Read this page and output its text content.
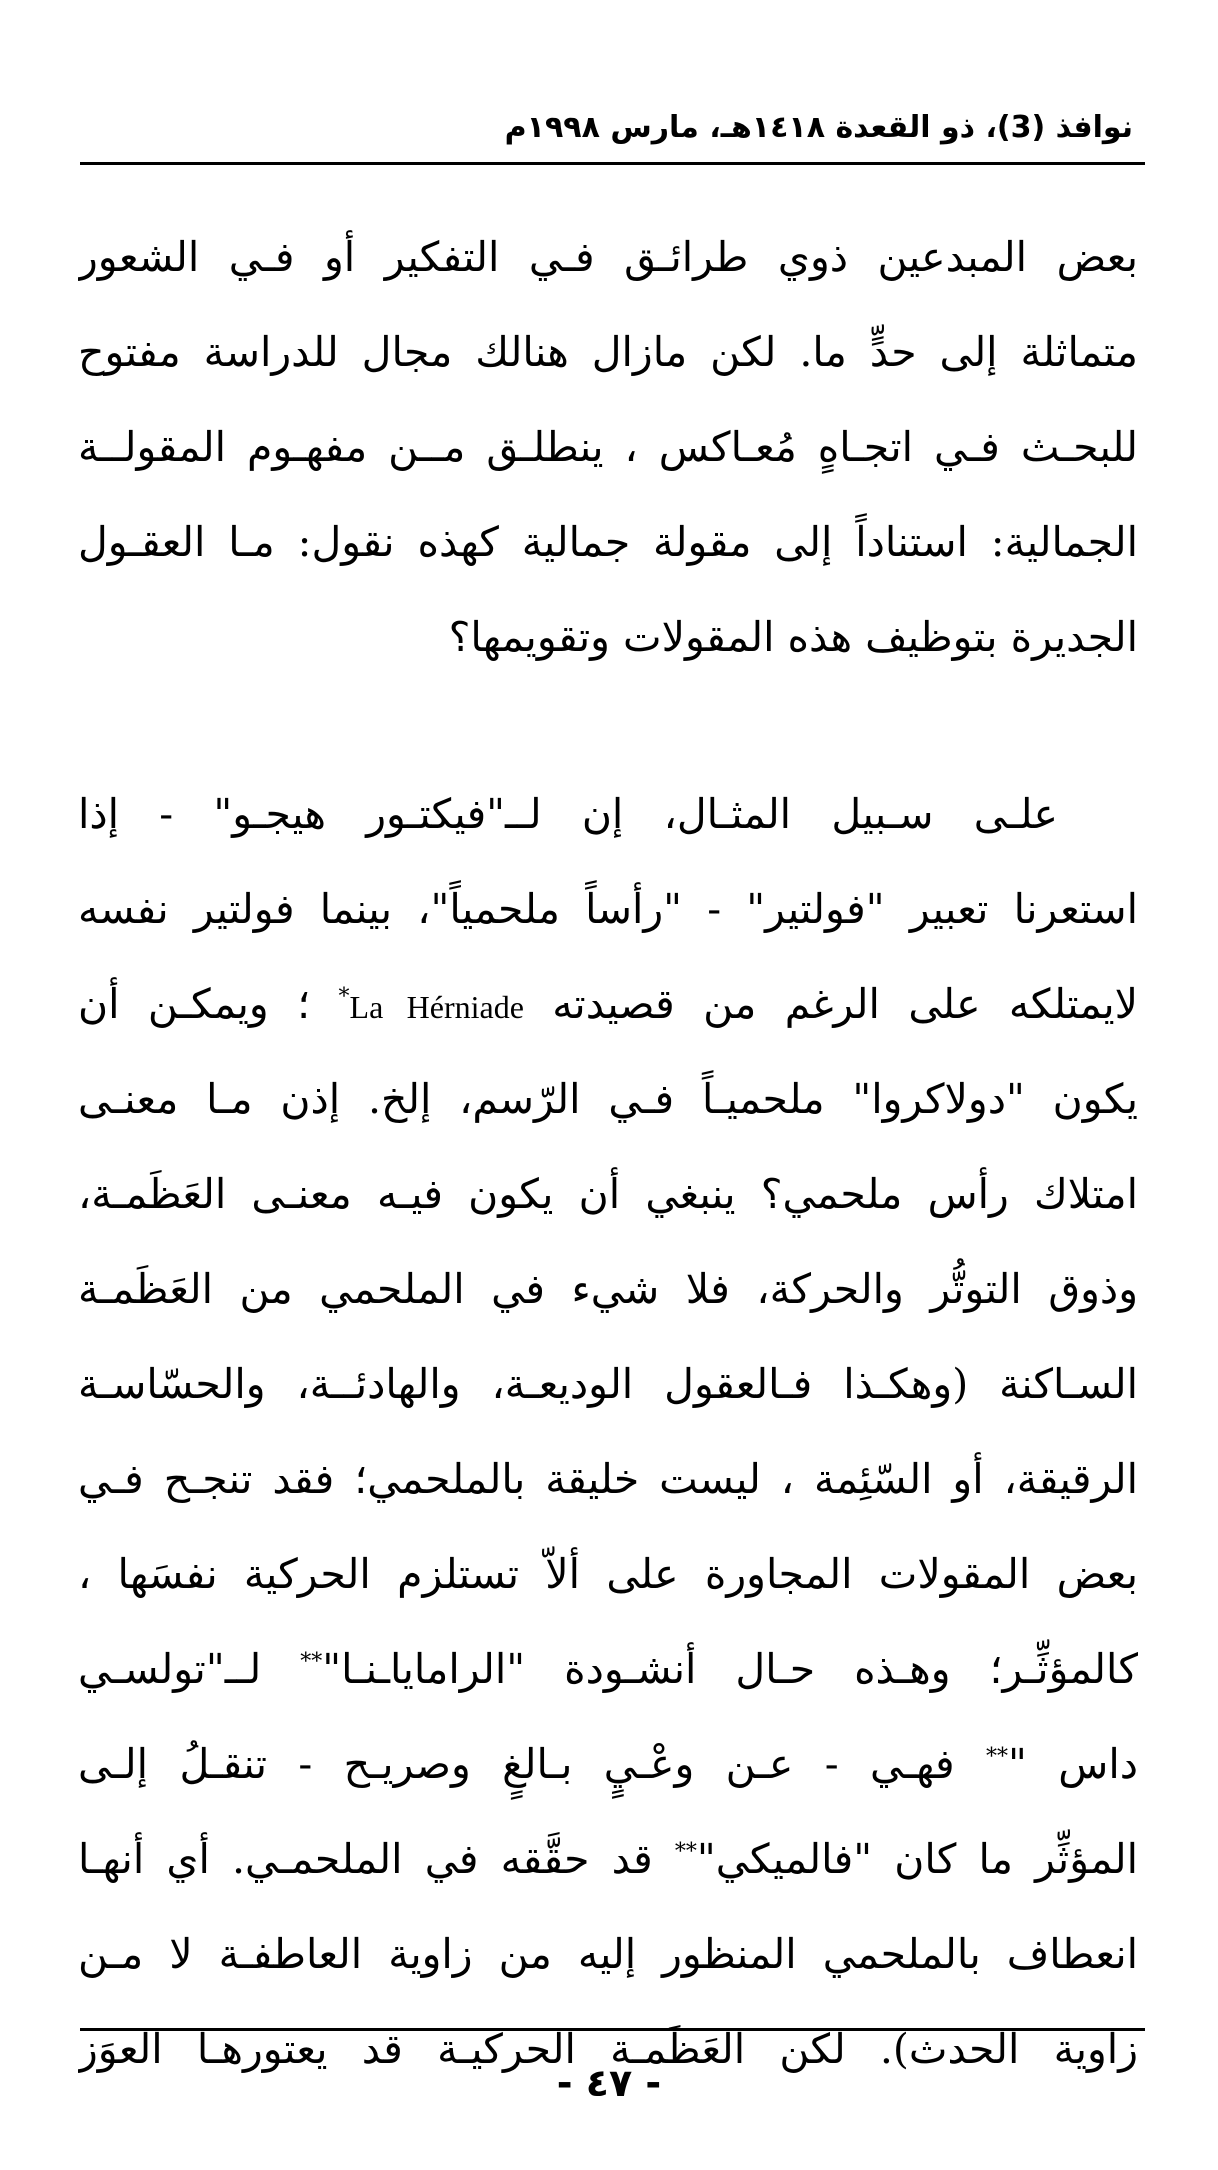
نوافذ (3)، ذو القعدة ١٤١٨هـ، مارس ١٩٩٨م
بعض المبدعين ذوي طرائـق فـي التفكير أو فـي الشعور
متماثلة إلى حدٍّ ما. لكن مازال هنالك مجال للدراسة مفتوح
للبحـث فـي اتجـاهٍ مُعـاكس ، ينطلـق مــن مفهـوم المقولــة
الجمالية: استناداً إلى مقولة جمالية كهذه نقول: مـا العقـول
الجديرة بتوظيف هذه المقولات وتقويمها؟
علـى سـبيل المثـال، إن لــ"فيكتـور هيجـو" - إذا
استعرنا تعبير "فولتير" - "رأساً ملحمياً"، بينما فولتير نفسه
لايمتلكه على الرغم من قصيدته La Hérniade* ؛ ويمكـن أن
يكون "دولاكروا" ملحميـاً فـي الرّسم، إلخ. إذن مـا معنـى
امتلاك رأس ملحمي؟ ينبغي أن يكون فيـه معنـى العَظَمـة،
وذوق التوتُّر والحركة، فلا شيء في الملحمي من العَظَمـة
السـاكنة (وهكـذا فـالعقول الوديعـة، والهادئــة، والحسّاسـة
الرقيقة، أو السّئِمة ، ليست خليقة بالملحمي؛ فقد تنجـح فـي
بعض المقولات المجاورة على ألاّ تستلزم الحركية نفسَها ،
كالمؤثِّـر؛ وهـذه حـال أنشـودة "الراماياـنـا"** لــ"تولسـي
داس "** فهـي - عـن وعْـيٍ بـالغٍ وصريـح - تنقـلُ إلـى
المؤثِّر ما كان "فالميكي"** قد حقَّقه في الملحمـي. أي أنهـا
انعطاف بالملحمي المنظور إليه من زاوية العاطفـة لا مـن
زاوية الحدث). لكن العَظَمـة الحركيـة قد يعتورهـا العوَز
- ٤٧ -
